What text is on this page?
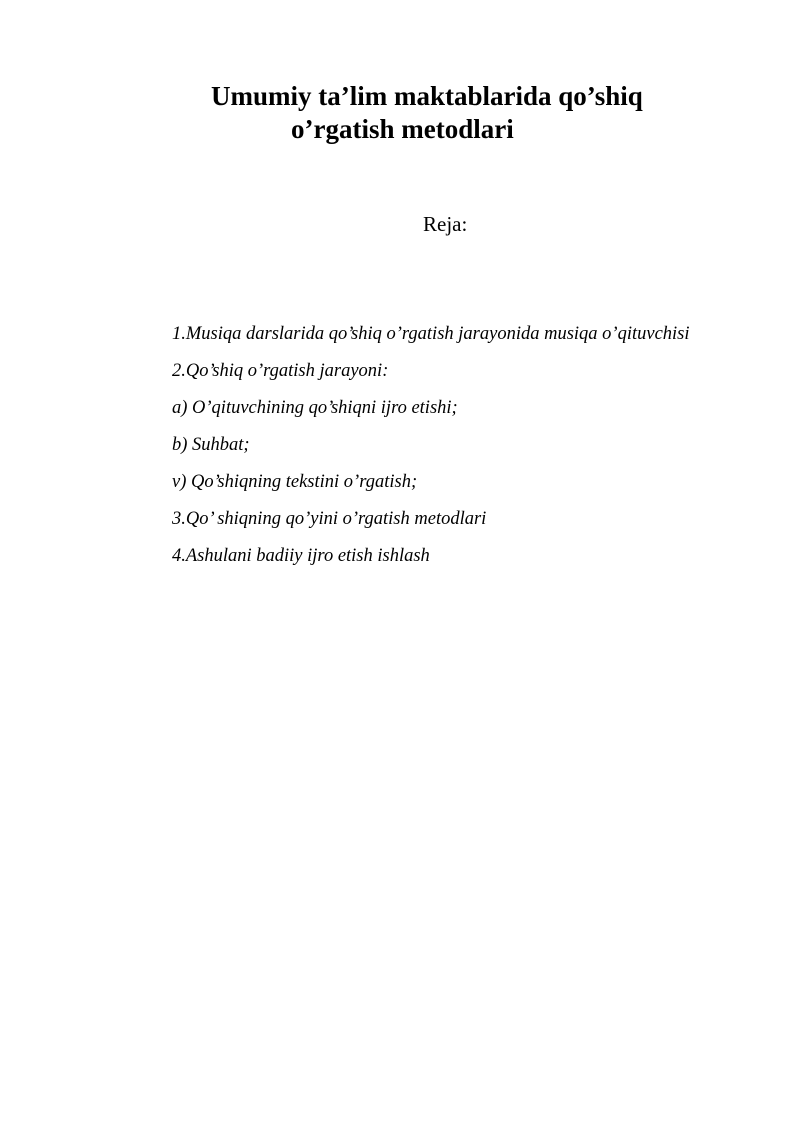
Umumiy ta’lim maktablarida qo’shiq
o’rgatish metodlari
Reja:

1.Musiqa darslarida qo’shiq o’rgatish jarayonida musiqa o’qituvchisi

2.Qo’shiq o’rgatish jarayoni:

a) O’qituvchining qo’shiqni ijro etishi;

b) Suhbat;

v) Qo’shiqning tekstini o’rgatish;

3.Qo’ shiqning qo’yini o’rgatish metodlari

4.Ashulani badiiy ijro etish ishlash
